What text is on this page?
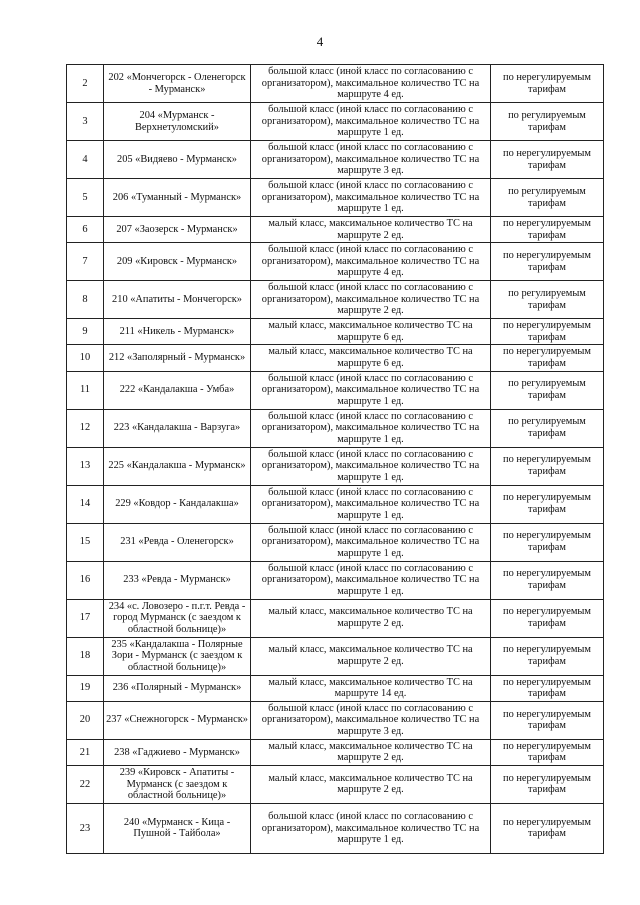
4
2	202 «Мончегорск - Оленегорск - Мурманск»	большой класс (иной класс по согласованию с организатором), максимальное количество ТС на маршруте 4 ед.	по нерегулируемым тарифам
3	204 «Мурманск - Верхнетуломский»	большой класс (иной класс по согласованию с организатором), максимальное количество ТС на маршруте 1 ед.	по регулируемым тарифам
4	205 «Видяево - Мурманск»	большой класс (иной класс по согласованию с организатором), максимальное количество ТС на маршруте 3 ед.	по нерегулируемым тарифам
5	206 «Туманный - Мурманск»	большой класс (иной класс по согласованию с организатором), максимальное количество ТС на маршруте 1 ед.	по регулируемым тарифам
6	207 «Заозерск - Мурманск»	малый класс, максимальное количество ТС на маршруте 2 ед.	по нерегулируемым тарифам
7	209 «Кировск - Мурманск»	большой класс (иной класс по согласованию с организатором), максимальное количество ТС на маршруте 4 ед.	по нерегулируемым тарифам
8	210 «Апатиты - Мончегорск»	большой класс (иной класс по согласованию с организатором), максимальное количество ТС на маршруте 2 ед.	по регулируемым тарифам
9	211 «Никель - Мурманск»	малый класс, максимальное количество ТС на маршруте 6 ед.	по нерегулируемым тарифам
10	212 «Заполярный - Мурманск»	малый класс, максимальное количество ТС на маршруте 6 ед.	по нерегулируемым тарифам
11	222 «Кандалакша - Умба»	большой класс (иной класс по согласованию с организатором), максимальное количество ТС на маршруте 1 ед.	по регулируемым тарифам
12	223 «Кандалакша - Варзуга»	большой класс (иной класс по согласованию с организатором), максимальное количество ТС на маршруте 1 ед.	по регулируемым тарифам
13	225 «Кандалакша - Мурманск»	большой класс (иной класс по согласованию с организатором), максимальное количество ТС на маршруте 1 ед.	по нерегулируемым тарифам
14	229 «Ковдор - Кандалакша»	большой класс (иной класс по согласованию с организатором), максимальное количество ТС на маршруте 1 ед.	по нерегулируемым тарифам
15	231 «Ревда - Оленегорск»	большой класс (иной класс по согласованию с организатором), максимальное количество ТС на маршруте 1 ед.	по нерегулируемым тарифам
16	233 «Ревда - Мурманск»	большой класс (иной класс по согласованию с организатором), максимальное количество ТС на маршруте 1 ед.	по нерегулируемым тарифам
17	234 «с. Ловозеро - п.г.т. Ревда - город Мурманск (с заездом к областной больнице)»	малый класс, максимальное количество ТС на маршруте 2 ед.	по нерегулируемым тарифам
18	235 «Кандалакша - Полярные Зори - Мурманск (с заездом к областной больнице)»	малый класс, максимальное количество ТС на маршруте 2 ед.	по нерегулируемым тарифам
19	236 «Полярный - Мурманск»	малый класс, максимальное количество ТС на маршруте 14 ед.	по нерегулируемым тарифам
20	237 «Снежногорск - Мурманск»	большой класс (иной класс по согласованию с организатором), максимальное количество ТС на маршруте 3 ед.	по нерегулируемым тарифам
21	238 «Гаджиево - Мурманск»	малый класс, максимальное количество ТС на маршруте 2 ед.	по нерегулируемым тарифам
22	239 «Кировск - Апатиты - Мурманск (с заездом к областной больнице)»	малый класс, максимальное количество ТС на маршруте 2 ед.	по нерегулируемым тарифам
23	240 «Мурманск - Кица - Пушной - Тайбола»	большой класс (иной класс по согласованию с организатором), максимальное количество ТС на маршруте 1 ед.	по нерегулируемым тарифам
